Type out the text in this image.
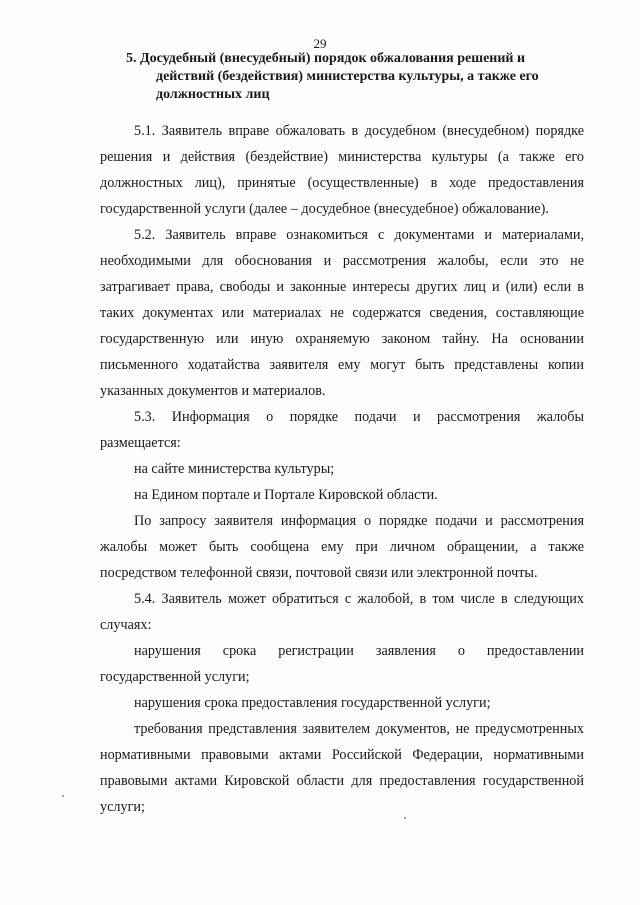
29
5. Досудебный (внесудебный) порядок обжалования решений и
действий (бездействия) министерства культуры, а также его
должностных лиц
5.1. Заявитель вправе обжаловать в досудебном (внесудебном) порядке
решения и действия (бездействие) министерства культуры (а также его
должностных лиц), принятые (осуществленные) в ходе предоставления
государственной услуги (далее – досудебное (внесудебное) обжалование).
5.2. Заявитель вправе ознакомиться с документами и материалами,
необходимыми для обоснования и рассмотрения жалобы, если это не
затрагивает права, свободы и законные интересы других лиц и (или) если в
таких документах или материалах не содержатся сведения, составляющие
государственную или иную охраняемую законом тайну. На основании
письменного ходатайства заявителя ему могут быть представлены копии
указанных документов и материалов.
5.3. Информация о порядке подачи и рассмотрения жалобы
размещается:
на сайте министерства культуры;
на Едином портале и Портале Кировской области.
По запросу заявителя информация о порядке подачи и рассмотрения
жалобы может быть сообщена ему при личном обращении, а также
посредством телефонной связи, почтовой связи или электронной почты.
5.4. Заявитель может обратиться с жалобой, в том числе в следующих
случаях:
нарушения срока регистрации заявления о предоставлении
государственной услуги;
нарушения срока предоставления государственной услуги;
требования представления заявителем документов, не предусмотренных
нормативными правовыми актами Российской Федерации, нормативными
правовыми актами Кировской области для предоставления государственной
услуги;
